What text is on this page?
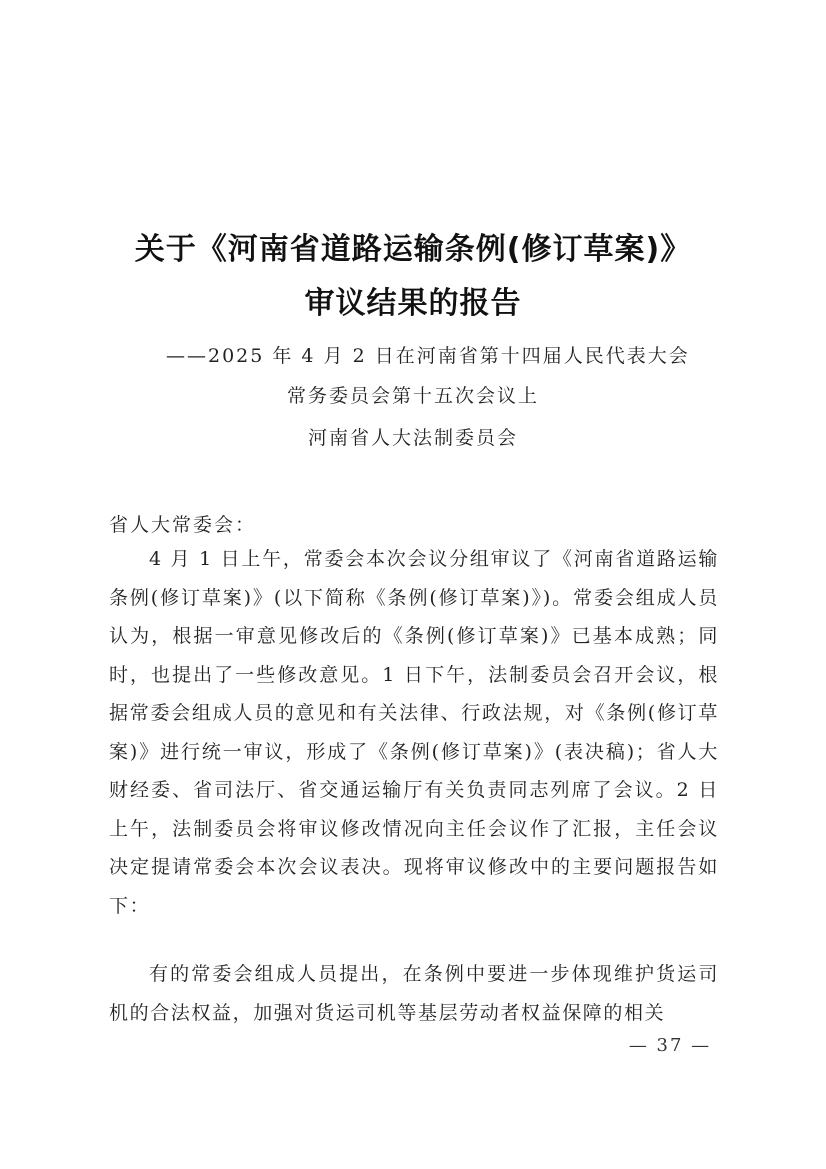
关于《河南省道路运输条例(修订草案)》
审议结果的报告
——2025 年 4 月 2 日在河南省第十四届人民代表大会
常务委员会第十五次会议上
河南省人大法制委员会
省人大常委会：

4 月 1 日上午，常委会本次会议分组审议了《河南省道路运输条例(修订草案)》(以下简称《条例(修订草案)》)。常委会组成人员认为，根据一审意见修改后的《条例(修订草案)》已基本成熟；同时，也提出了一些修改意见。1 日下午，法制委员会召开会议，根据常委会组成人员的意见和有关法律、行政法规，对《条例(修订草案)》进行统一审议，形成了《条例(修订草案)》(表决稿)；省人大财经委、省司法厅、省交通运输厅有关负责同志列席了会议。2 日上午，法制委员会将审议修改情况向主任会议作了汇报，主任会议决定提请常委会本次会议表决。现将审议修改中的主要问题报告如下：

有的常委会组成人员提出，在条例中要进一步体现维护货运司机的合法权益，加强对货运司机等基层劳动者权益保障的相关

— 37 —
